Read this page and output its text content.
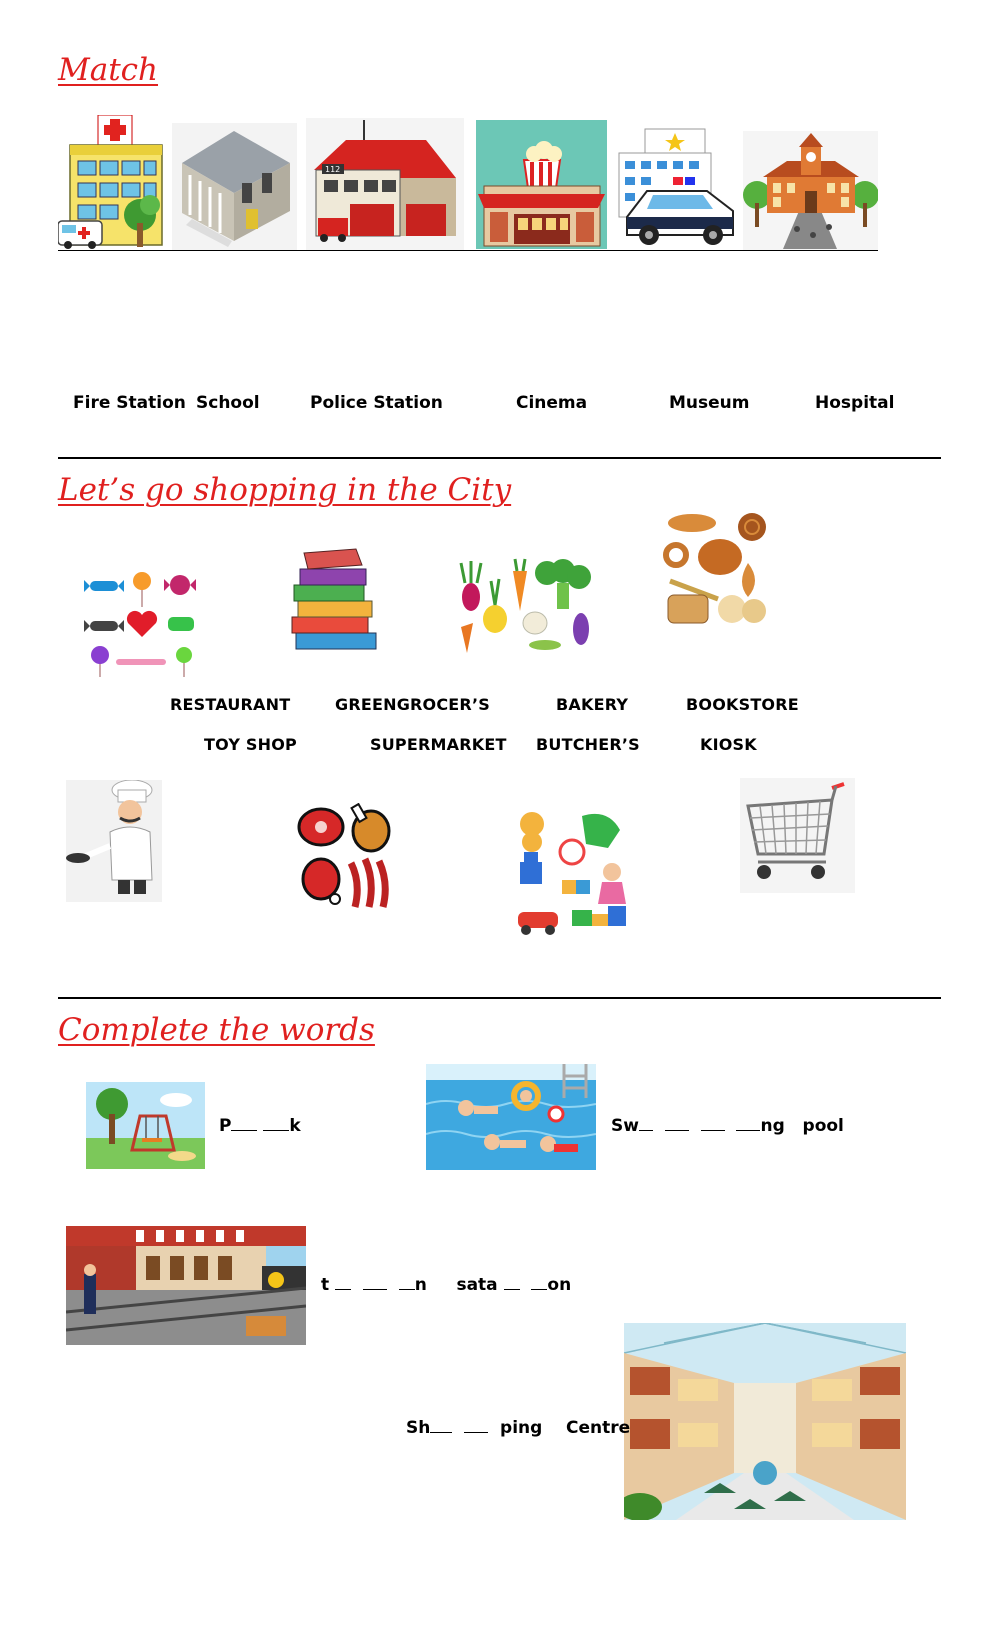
Match
112
Fire Station School	Police Station	Cinema	Museum	Hospital
Let’s go shopping in the City
RESTAURANT	GREENGROCER’S	BAKERY	BOOKSTORE
TOY SHOP	SUPERMARKET BUTCHER’S	KIOSK
Complete the words
P	k	Sw	ng pool
t	n sata	on
Sh	ping Centre
